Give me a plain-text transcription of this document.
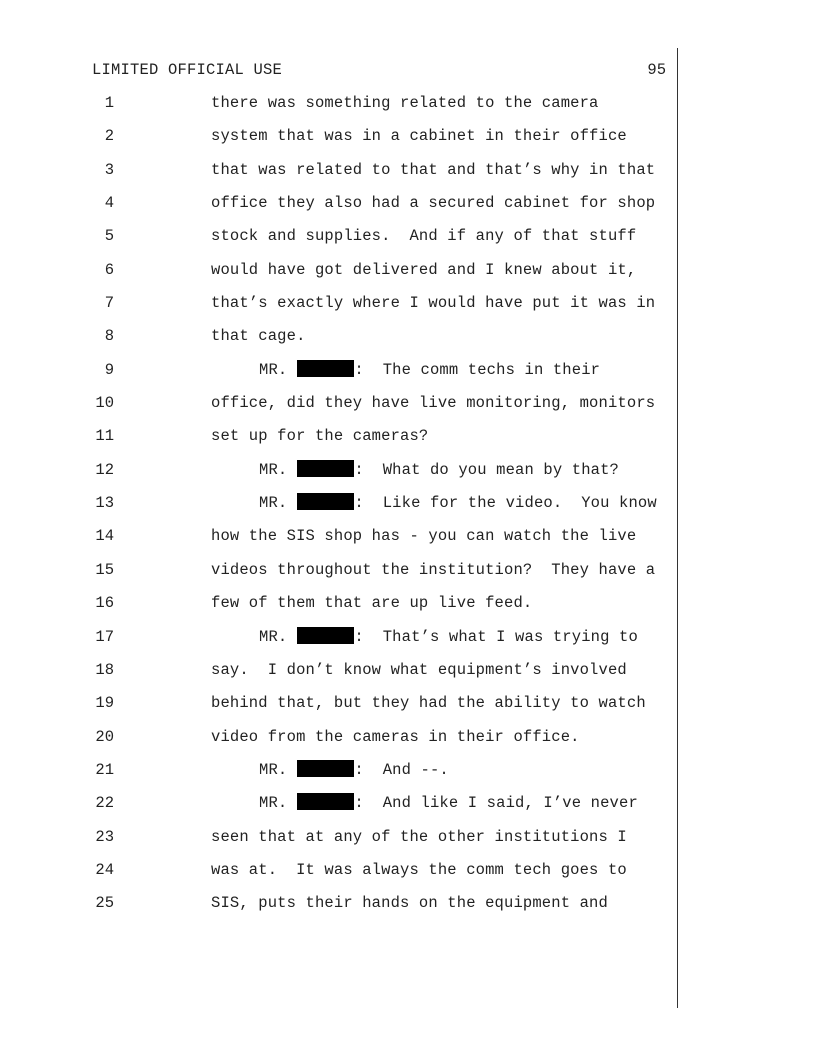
LIMITED OFFICIAL USE	95
1	there was something related to the camera
2	system that was in a cabinet in their office
3	that was related to that and that’s why in that
4	office they also had a secured cabinet for shop
5	stock and supplies.  And if any of that stuff
6	would have got delivered and I knew about it,
7	that’s exactly where I would have put it was in
8	that cage.
9	MR.	:  The comm techs in their
10	office, did they have live monitoring, monitors
11	set up for the cameras?
12	MR.	:  What do you mean by that?
13	MR.	:  Like for the video.  You know
14	how the SIS shop has - you can watch the live
15	videos throughout the institution?  They have a
16	few of them that are up live feed.
17	MR.	:  That’s what I was trying to
18	say.  I don’t know what equipment’s involved
19	behind that, but they had the ability to watch
20	video from the cameras in their office.
21	MR.	:  And --.
22	MR.	:  And like I said, I’ve never
23	seen that at any of the other institutions I
24	was at.  It was always the comm tech goes to
25	SIS, puts their hands on the equipment and
